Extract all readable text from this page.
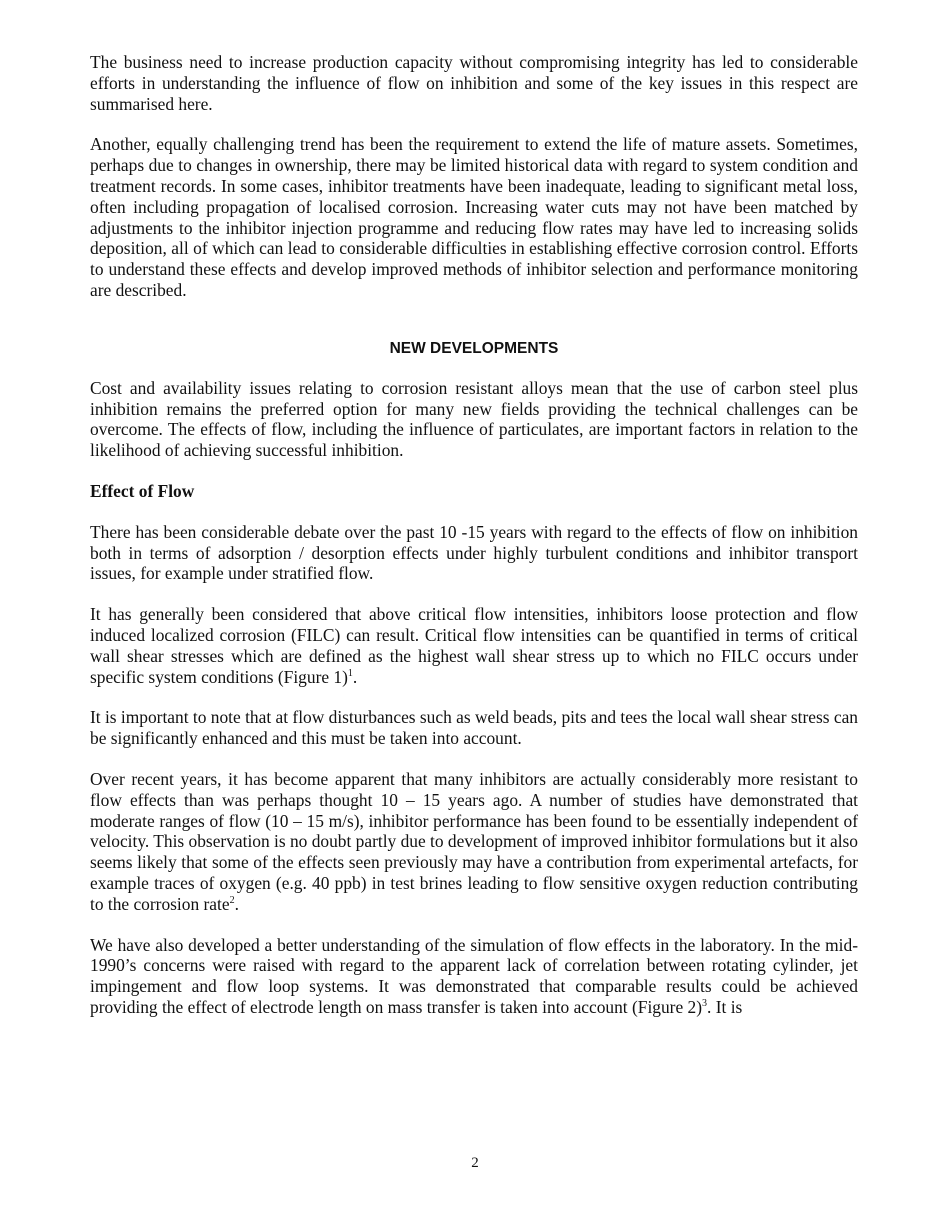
The business need to increase production capacity without compromising integrity has led to considerable efforts in understanding the influence of flow on inhibition and some of the key issues in this respect are summarised here.

Another, equally challenging trend has been the requirement to extend the life of mature assets. Sometimes, perhaps due to changes in ownership, there may be limited historical data with regard to system condition and treatment records. In some cases, inhibitor treatments have been inadequate, leading to significant metal loss, often including propagation of localised corrosion. Increasing water cuts may not have been matched by adjustments to the inhibitor injection programme and reducing flow rates may have led to increasing solids deposition, all of which can lead to considerable difficulties in establishing effective corrosion control. Efforts to understand these effects and develop improved methods of inhibitor selection and performance monitoring are described.

NEW DEVELOPMENTS

Cost and availability issues relating to corrosion resistant alloys mean that the use of carbon steel plus inhibition remains the preferred option for many new fields providing the technical challenges can be overcome. The effects of flow, including the influence of particulates, are important factors in relation to the likelihood of achieving successful inhibition.

Effect of Flow

There has been considerable debate over the past 10 -15 years with regard to the effects of flow on inhibition both in terms of adsorption / desorption effects under highly turbulent conditions and inhibitor transport issues, for example under stratified flow.

It has generally been considered that above critical flow intensities, inhibitors loose protection and flow induced localized corrosion (FILC) can result. Critical flow intensities can be quantified in terms of critical wall shear stresses which are defined as the highest wall shear stress up to which no FILC occurs under specific system conditions (Figure 1)$^1$.

It is important to note that at flow disturbances such as weld beads, pits and tees the local wall shear stress can be significantly enhanced and this must be taken into account.

Over recent years, it has become apparent that many inhibitors are actually considerably more resistant to flow effects than was perhaps thought 10 – 15 years ago. A number of studies have demonstrated that moderate ranges of flow (10 – 15 m/s), inhibitor performance has been found to be essentially independent of velocity. This observation is no doubt partly due to development of improved inhibitor formulations but it also seems likely that some of the effects seen previously may have a contribution from experimental artefacts, for example traces of oxygen (e.g. 40 ppb) in test brines leading to flow sensitive oxygen reduction contributing to the corrosion rate$^2$.

We have also developed a better understanding of the simulation of flow effects in the laboratory. In the mid-1990’s concerns were raised with regard to the apparent lack of correlation between rotating cylinder, jet impingement and flow loop systems. It was demonstrated that comparable results could be achieved providing the effect of electrode length on mass transfer is taken into account (Figure 2)$^3$. It is

2
